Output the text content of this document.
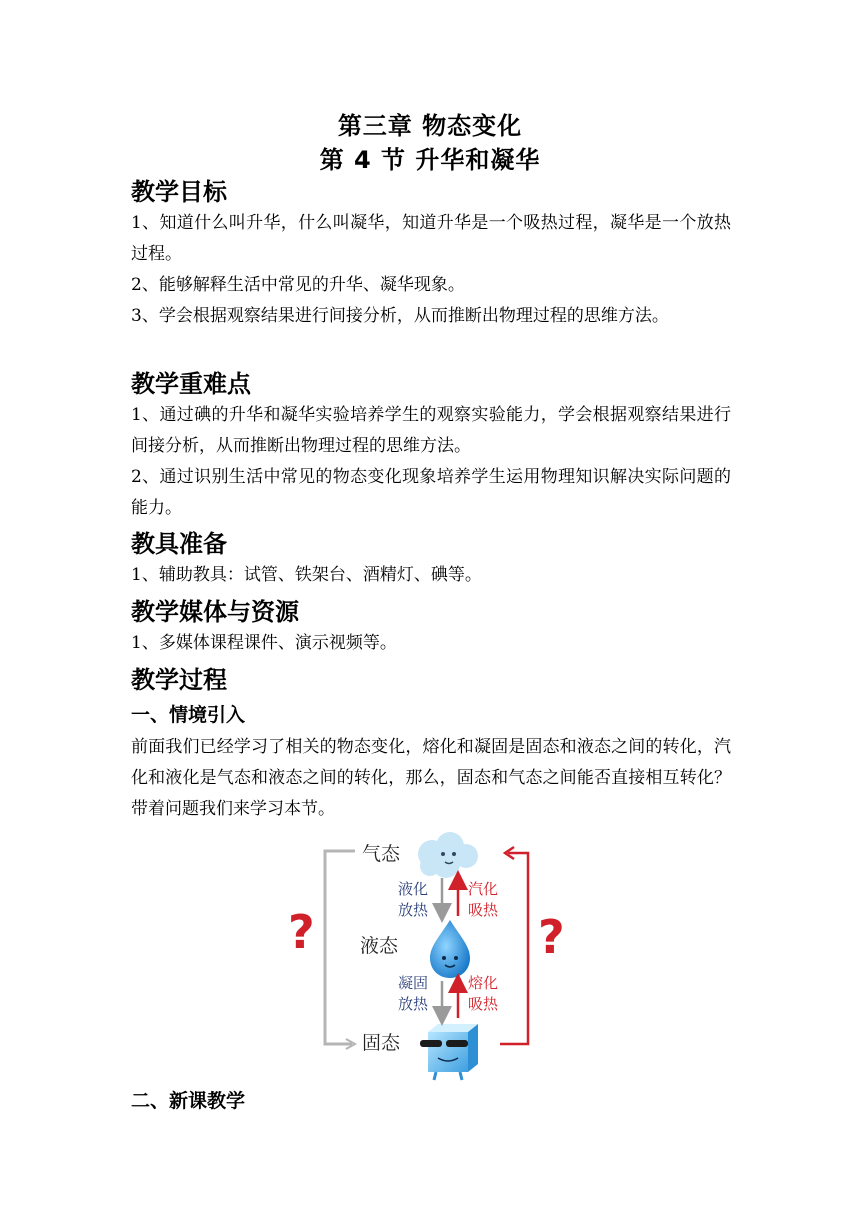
第三章 物态变化
第 4 节 升华和凝华
教学目标
1、知道什么叫升华，什么叫凝华，知道升华是一个吸热过程，凝华是一个放热过程。
2、能够解释生活中常见的升华、凝华现象。
3、学会根据观察结果进行间接分析，从而推断出物理过程的思维方法。
教学重难点
1、通过碘的升华和凝华实验培养学生的观察实验能力，学会根据观察结果进行间接分析，从而推断出物理过程的思维方法。
2、通过识别生活中常见的物态变化现象培养学生运用物理知识解决实际问题的能力。
教具准备
1、辅助教具：试管、铁架台、酒精灯、碘等。
教学媒体与资源
1、多媒体课程课件、演示视频等。
教学过程
一、情境引入
前面我们已经学习了相关的物态变化，熔化和凝固是固态和液态之间的转化，汽化和液化是气态和液态之间的转化，那么，固态和气态之间能否直接相互转化？带着问题我们来学习本节。
?	?
气态
液态
固态
液化
放热
汽化
吸热
凝固
放热
熔化
吸热
二、新课教学
